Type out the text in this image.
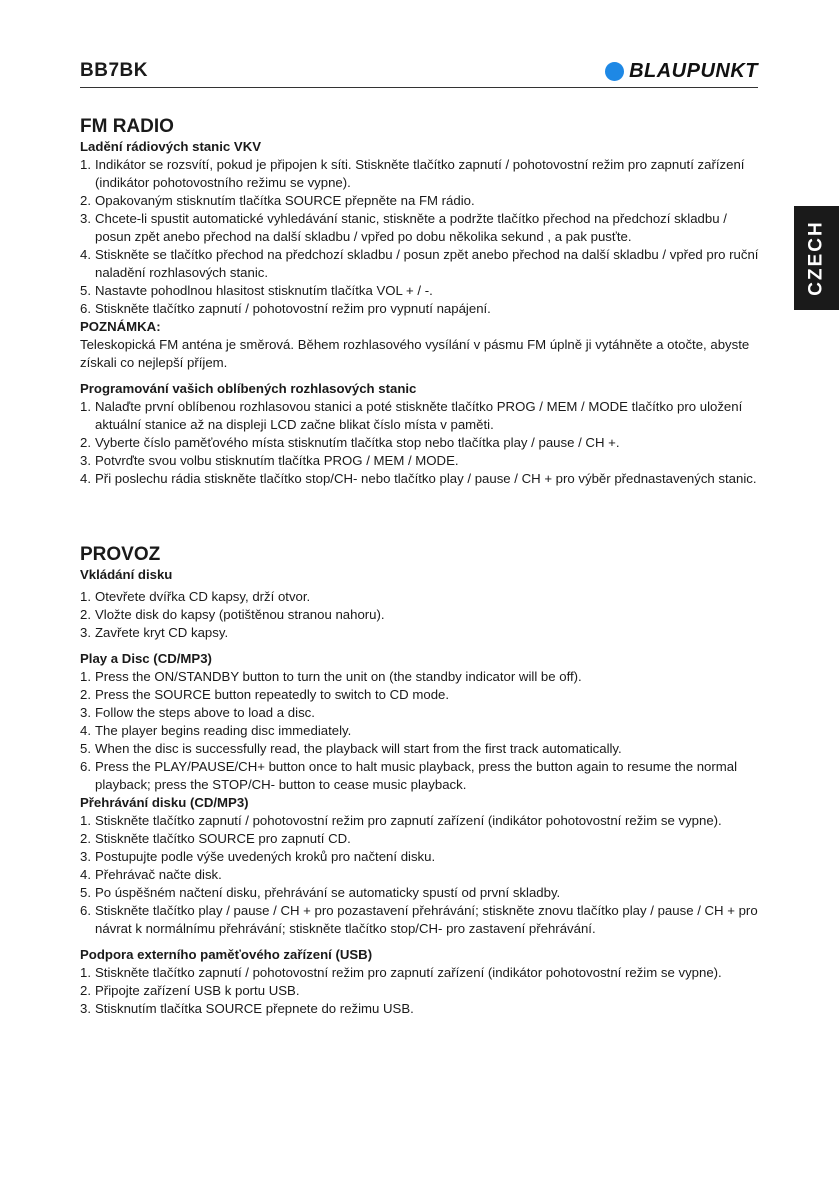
BB7BK	BLAUPUNKT
CZECH
FM RADIO
Ladění rádiových stanic VKV
1. Indikátor se rozsvítí, pokud je připojen k síti. Stiskněte tlačítko zapnutí / pohotovostní režim pro zapnutí zařízení (indikátor pohotovostního režimu se vypne).
2. Opakovaným stisknutím tlačítka SOURCE přepněte na FM rádio.
3. Chcete-li spustit automatické vyhledávání stanic, stiskněte a podržte tlačítko přechod na předchozí skladbu / posun zpět anebo přechod na další skladbu / vpřed po dobu několika sekund , a pak pusťte.
4. Stiskněte se tlačítko přechod na předchozí skladbu / posun zpět anebo přechod na další skladbu / vpřed pro ruční naladění rozhlasových stanic.
5. Nastavte pohodlnou hlasitost stisknutím tlačítka VOL + / -.
6. Stiskněte tlačítko zapnutí / pohotovostní režim pro vypnutí napájení.
POZNÁMKA:

Teleskopická FM anténa je směrová. Během rozhlasového vysílání v pásmu FM úplně ji vytáhněte a otočte, abyste získali co nejlepší příjem.

Programování vašich oblíbených rozhlasových stanic
1. Nalaďte první oblíbenou rozhlasovou stanici a poté stiskněte tlačítko PROG / MEM / MODE tlačítko pro uložení aktuální stanice až na displeji LCD začne blikat číslo místa v paměti.
2. Vyberte číslo paměťového místa stisknutím tlačítka stop nebo tlačítka play / pause / CH +.
3. Potvrďte svou volbu stisknutím tlačítka PROG / MEM / MODE.
4. Při poslechu rádia stiskněte tlačítko stop/CH- nebo tlačítko play / pause / CH + pro výběr přednastavených stanic.
PROVOZ
Vkládání disku
1. Otevřete dvířka CD kapsy, drží otvor.
2. Vložte disk do kapsy (potištěnou stranou nahoru).
3. Zavřete kryt CD kapsy.
Play a Disc (CD/MP3)
1. Press the ON/STANDBY button to turn the unit on (the standby indicator will be off).
2. Press the SOURCE button repeatedly to switch to CD mode.
3. Follow the steps above to load a disc.
4. The player begins reading disc immediately.
5. When the disc is successfully read, the playback will start from the first track automatically.
6. Press the PLAY/PAUSE/CH+ button once to halt music playback, press the button again to resume the normal playback; press the STOP/CH- button to cease music playback.
Přehrávání disku (CD/MP3)
1. Stiskněte tlačítko zapnutí / pohotovostní režim pro zapnutí zařízení (indikátor pohotovostní režim se vypne).
2. Stiskněte tlačítko SOURCE pro zapnutí CD.
3. Postupujte podle výše uvedených kroků pro načtení disku.
4. Přehrávač načte disk.
5. Po úspěšném načtení disku, přehrávání se automaticky spustí od první skladby.
6. Stiskněte tlačítko play / pause / CH + pro pozastavení přehrávání; stiskněte znovu tlačítko play / pause / CH + pro návrat k normálnímu přehrávání; stiskněte tlačítko stop/CH- pro zastavení přehrávání.
Podpora externího paměťového zařízení (USB)
1. Stiskněte tlačítko zapnutí / pohotovostní režim pro zapnutí zařízení (indikátor pohotovostní režim se vypne).
2. Připojte zařízení USB k portu USB.
3. Stisknutím tlačítka SOURCE přepnete do režimu USB.
